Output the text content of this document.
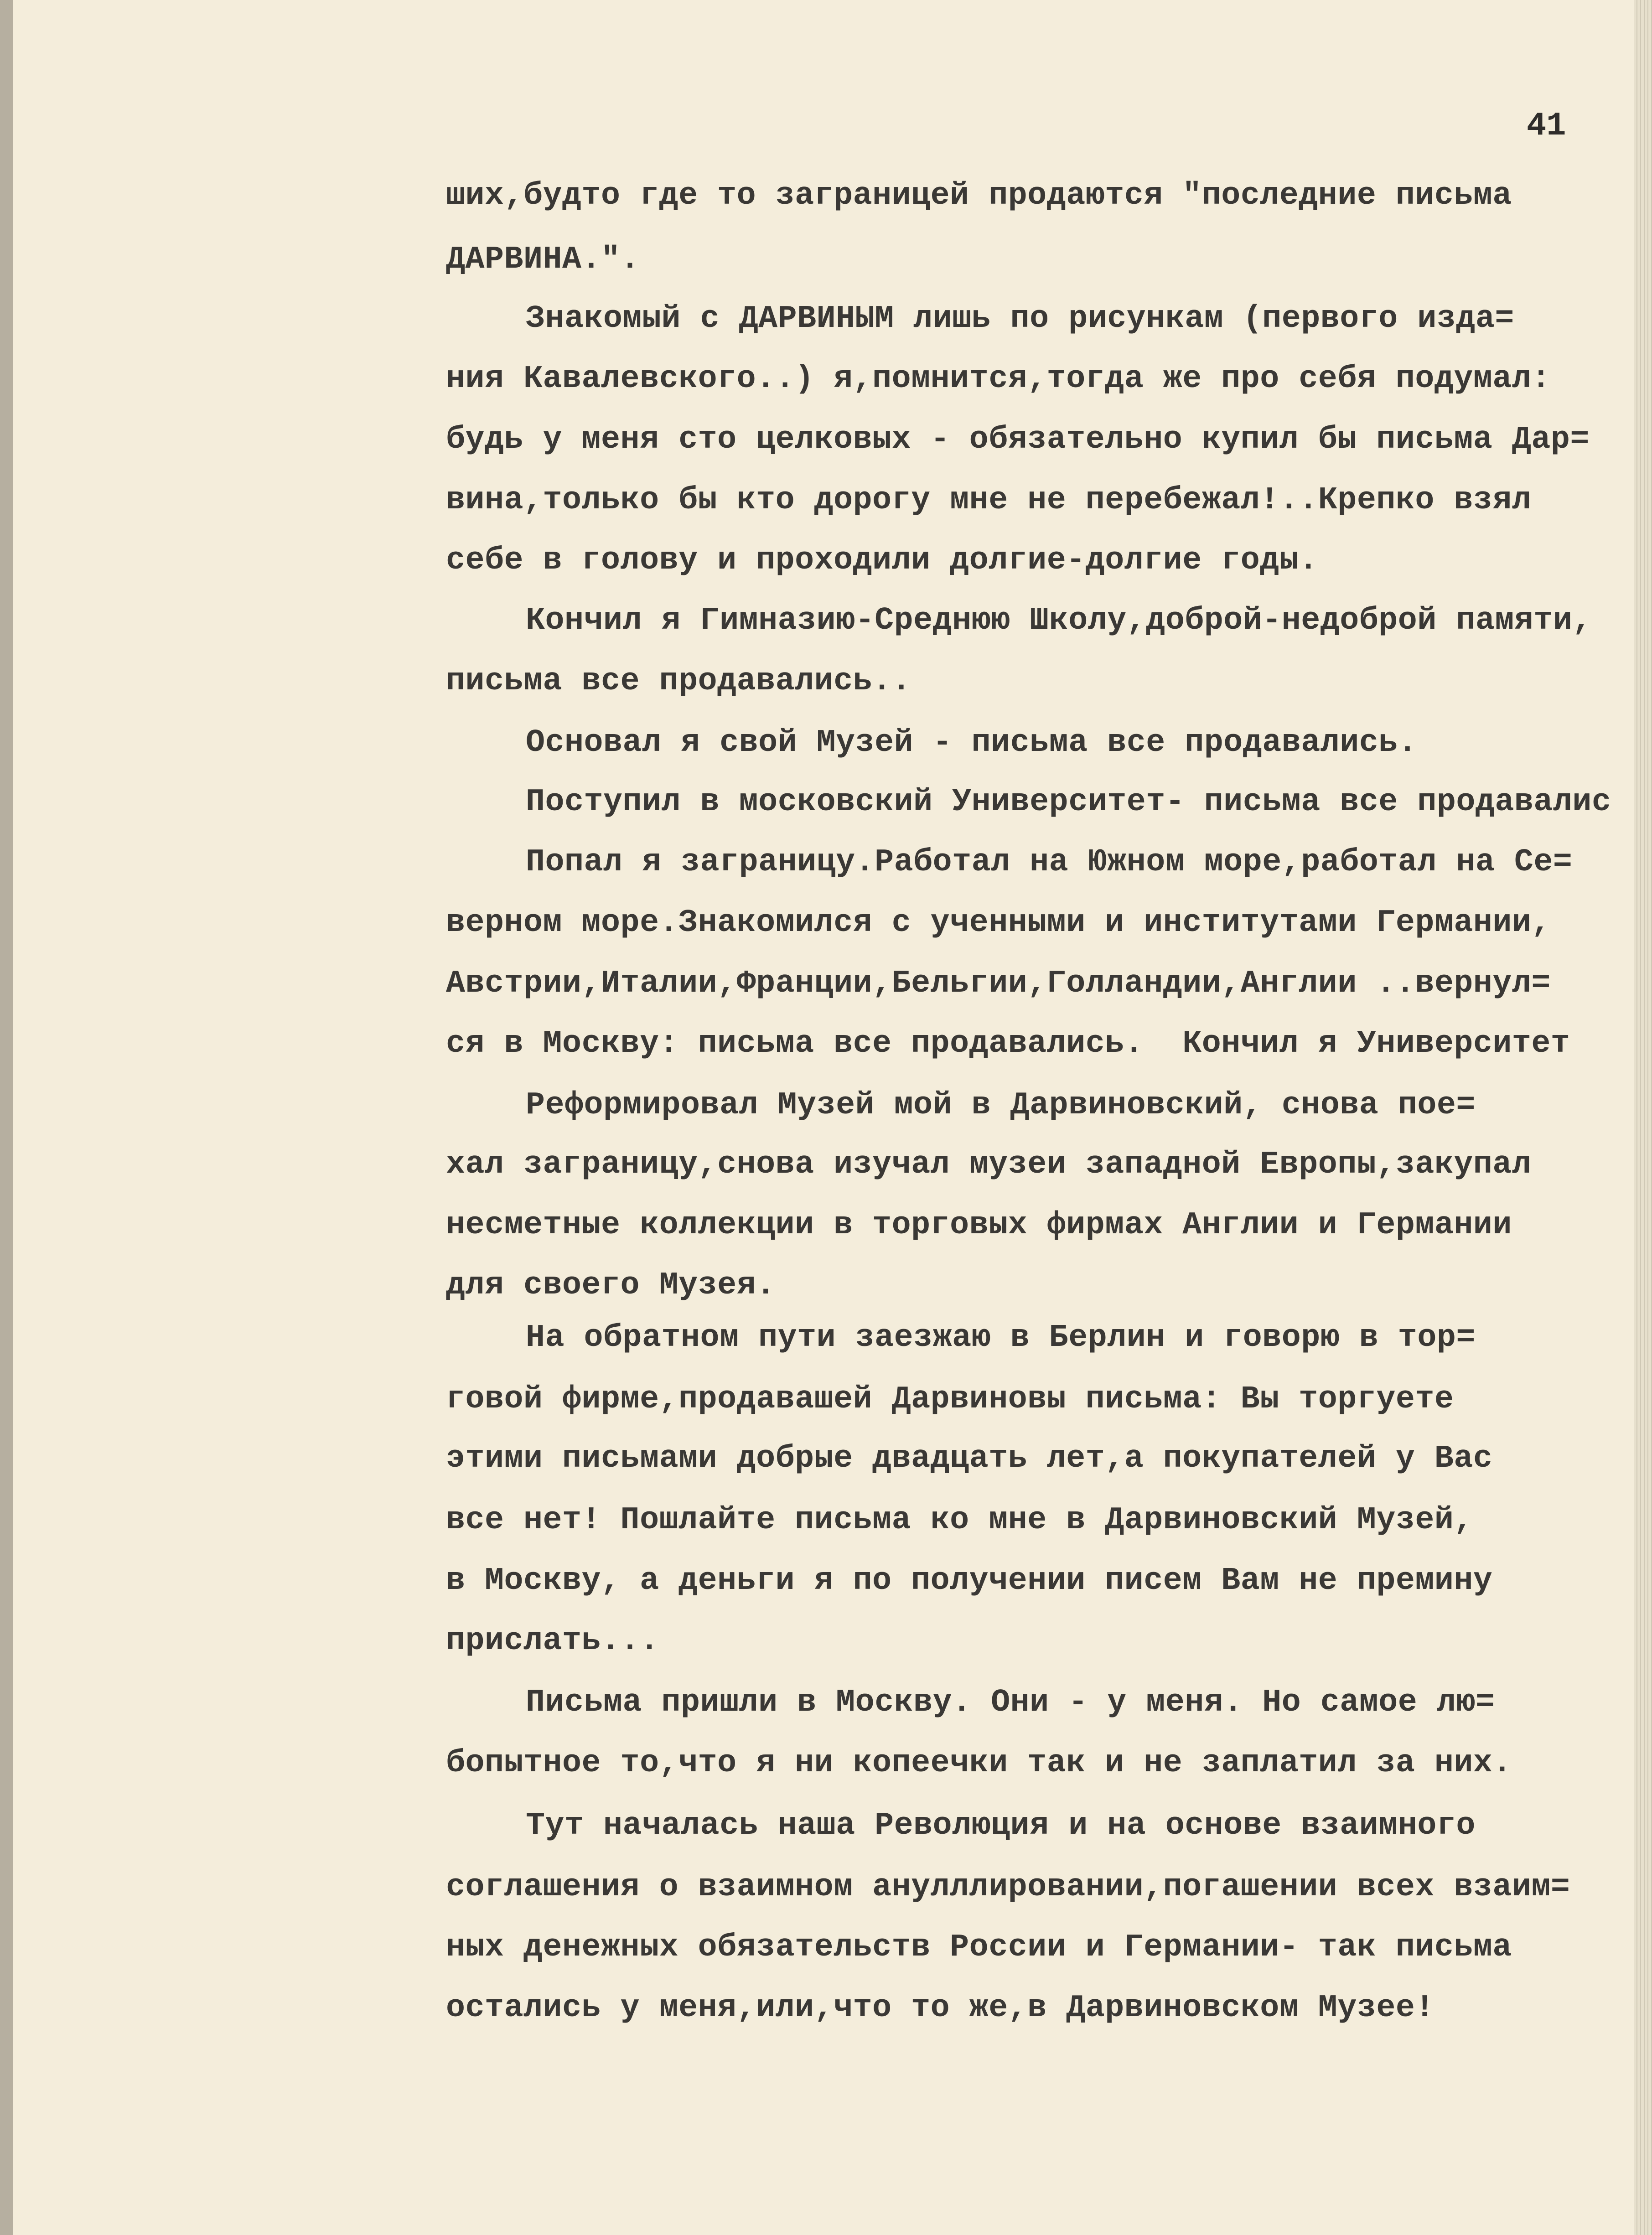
41
ших,будто где то заграницей продаются "последние письма
ДАРВИНА.".
Знакомый с ДАРВИНЫМ лишь по рисункам (первого изда=
ния Кавалевского..) я,помнится,тогда же про себя подумал:
будь у меня сто целковых - обязательно купил бы письма Дар=
вина,только бы кто дорогу мне не перебежал!..Крепко взял
себе в голову и проходили долгие-долгие годы.
Кончил я Гимназию-Среднюю Школу,доброй-недоброй памяти,
письма все продавались..
Основал я свой Музей - письма все продавались.
Поступил в московский Университет- письма все продавалис
Попал я заграницу.Работал на Южном море,работал на Се=
верном море.Знакомился с ученными и институтами Германии,
Австрии,Италии,Франции,Бельгии,Голландии,Англии ..вернул=
ся в Москву: письма все продавались.  Кончил я Университет
Реформировал Музей мой в Дарвиновский, снова пое=
хал заграницу,снова изучал музеи западной Европы,закупал
несметные коллекции в торговых фирмах Англии и Германии
для своего Музея.
На обратном пути заезжаю в Берлин и говорю в тор=
говой фирме,продавашей Дарвиновы письма: Вы торгуете
этими письмами добрые двадцать лет,а покупателей у Вас
все нет! Пошлайте письма ко мне в Дарвиновский Музей,
в Москву, а деньги я по получении писем Вам не премину
прислать...
Письма пришли в Москву. Они - у меня. Но самое лю=
бопытное то,что я ни копеечки так и не заплатил за них.
Тут началась наша Революция и на основе взаимного
соглашения о взаимном анулллировании,погашении всех взаим=
ных денежных обязательств России и Германии- так письма
остались у меня,или,что то же,в Дарвиновском Музее!
